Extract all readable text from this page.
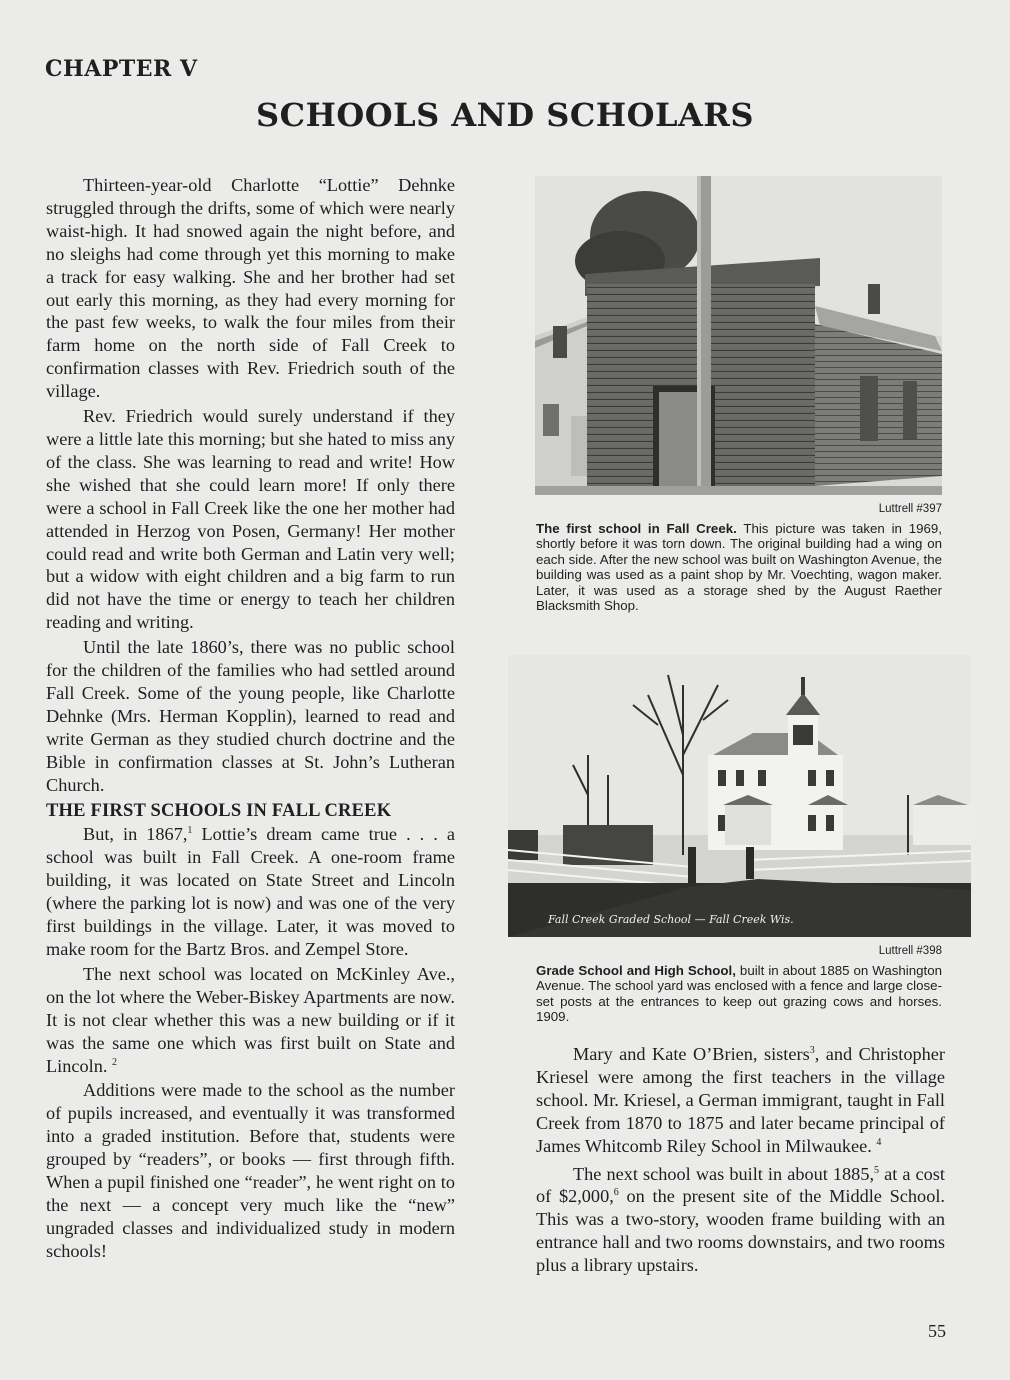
CHAPTER V
SCHOOLS AND SCHOLARS

Thirteen-year-old Charlotte “Lottie” Dehnke struggled through the drifts, some of which were nearly waist-high. It had snowed again the night before, and no sleighs had come through yet this morning to make a track for easy walking. She and her brother had set out early this morning, as they had every morning for the past few weeks, to walk the four miles from their farm home on the north side of Fall Creek to confirmation classes with Rev. Friedrich south of the village.

Rev. Friedrich would surely understand if they were a little late this morning; but she hated to miss any of the class. She was learning to read and write! How she wished that she could learn more! If only there were a school in Fall Creek like the one her mother had attended in Herzog von Posen, Germany! Her mother could read and write both German and Latin very well; but a widow with eight children and a big farm to run did not have the time or energy to teach her children reading and writing.

Until the late 1860’s, there was no public school for the children of the families who had settled around Fall Creek. Some of the young people, like Charlotte Dehnke (Mrs. Herman Kopplin), learned to read and write German as they studied church doctrine and the Bible in confirmation classes at St. John’s Lutheran Church.

THE FIRST SCHOOLS IN FALL CREEK

But, in 1867,$^1$ Lottie’s dream came true . . . a school was built in Fall Creek. A one-room frame building, it was located on State Street and Lincoln (where the parking lot is now) and was one of the very first buildings in the village. Later, it was moved to make room for the Bartz Bros. and Zempel Store.

The next school was located on McKinley Ave., on the lot where the Weber-Biskey Apartments are now. It is not clear whether this was a new building or if it was the same one which was first built on State and Lincoln. $^2$

Additions were made to the school as the number of pupils increased, and eventually it was transformed into a graded institution. Before that, students were grouped by “readers”, or books — first through fifth. When a pupil finished one “reader”, he went right on to the next — a concept very much like the “new” ungraded classes and individualized study in modern schools!

Luttrell #397
The first school in Fall Creek. This picture was taken in 1969, shortly before it was torn down. The original building had a wing on each side. After the new school was built on Washington Avenue, the building was used as a paint shop by Mr. Voechting, wagon maker. Later, it was used as a storage shed by the August Raether Blacksmith Shop.
Fall Creek Graded School — Fall Creek Wis.
Luttrell #398
Grade School and High School, built in about 1885 on Washington Avenue. The school yard was enclosed with a fence and large close-set posts at the entrances to keep out grazing cows and horses. 1909.

Mary and Kate O’Brien, sisters$^3$, and Christopher Kriesel were among the first teachers in the village school. Mr. Kriesel, a German immigrant, taught in Fall Creek from 1870 to 1875 and later became principal of James Whitcomb Riley School in Milwaukee. $^4$

The next school was built in about 1885,$^5$ at a cost of $2,000,$^6$ on the present site of the Middle School. This was a two-story, wooden frame building with an entrance hall and two rooms downstairs, and two rooms plus a library upstairs.

55
